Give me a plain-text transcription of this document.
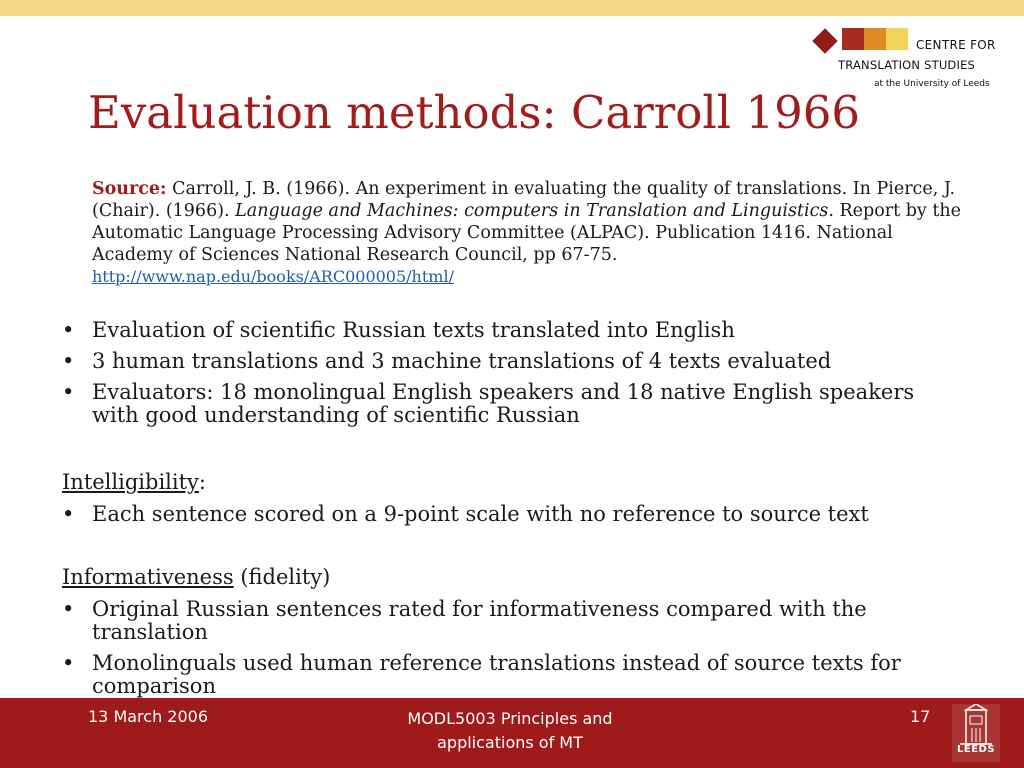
CENTRE FOR
TRANSLATION STUDIES
at the University of Leeds
Evaluation methods: Carroll 1966
Source: Carroll, J. B. (1966). An experiment in evaluating the quality of translations. In Pierce, J. (Chair). (1966). Language and Machines: computers in Translation and Linguistics. Report by the Automatic Language Processing Advisory Committee (ALPAC). Publication 1416. National Academy of Sciences National Research Council, pp 67-75. http://www.nap.edu/books/ARC000005/html/
• Evaluation of scientific Russian texts translated into English
• 3 human translations and 3 machine translations of 4 texts evaluated
• Evaluators: 18 monolingual English speakers and 18 native English speakers with good understanding of scientific Russian
Intelligibility:
• Each sentence scored on a 9-point scale with no reference to source text
Informativeness (fidelity)
• Original Russian sentences rated for informativeness compared with the translation
• Monolinguals used human reference translations instead of source texts for comparison
13 March 2006	MODL5003 Principles and applications of MT
17
LEEDS
